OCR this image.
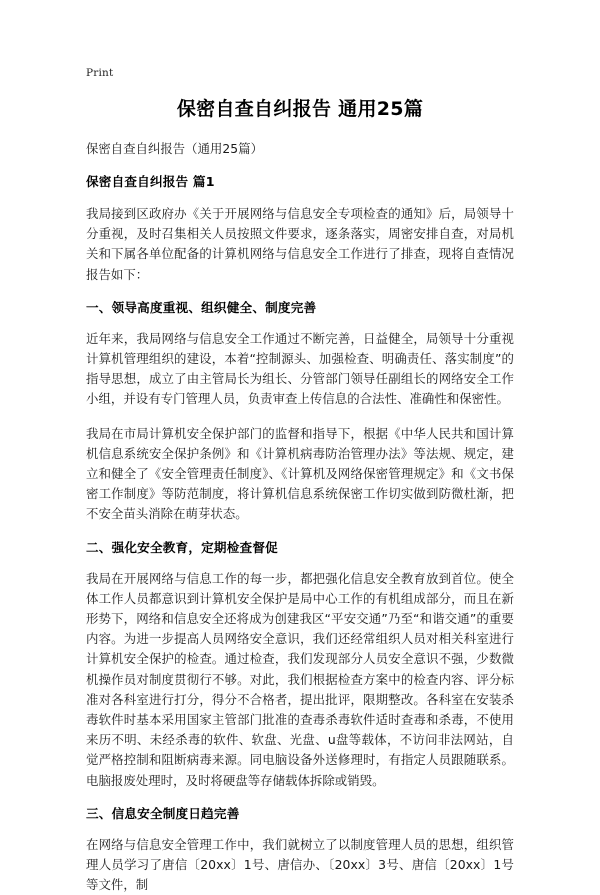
Print
保密自查自纠报告 通用25篇

保密自查自纠报告（通用25篇）

保密自查自纠报告 篇1

我局接到区政府办《关于开展网络与信息安全专项检查的通知》后，局领导十分重视，及时召集相关人员按照文件要求，逐条落实，周密安排自查，对局机关和下属各单位配备的计算机网络与信息安全工作进行了排查，现将自查情况报告如下：

一、领导高度重视、组织健全、制度完善

近年来，我局网络与信息安全工作通过不断完善，日益健全，局领导十分重视计算机管理组织的建设，本着“控制源头、加强检查、明确责任、落实制度”的指导思想，成立了由主管局长为组长、分管部门领导任副组长的网络安全工作小组，并设有专门管理人员，负责审查上传信息的合法性、准确性和保密性。

我局在市局计算机安全保护部门的监督和指导下，根据《中华人民共和国计算机信息系统安全保护条例》和《计算机病毒防治管理办法》等法规、规定，建立和健全了《安全管理责任制度》、《计算机及网络保密管理规定》和《文书保密工作制度》等防范制度，将计算机信息系统保密工作切实做到防微杜渐，把不安全苗头消除在萌芽状态。

二、强化安全教育，定期检查督促

我局在开展网络与信息工作的每一步，都把强化信息安全教育放到首位。使全体工作人员都意识到计算机安全保护是局中心工作的有机组成部分，而且在新形势下，网络和信息安全还将成为创建我区“平安交通”乃至“和谐交通”的重要内容。为进一步提高人员网络安全意识，我们还经常组织人员对相关科室进行计算机安全保护的检查。通过检查，我们发现部分人员安全意识不强，少数微机操作员对制度贯彻行不够。对此，我们根据检查方案中的检查内容、评分标准对各科室进行打分，得分不合格者，提出批评，限期整改。各科室在安装杀毒软件时基本采用国家主管部门批准的查毒杀毒软件适时查毒和杀毒，不使用来历不明、未经杀毒的软件、软盘、光盘、u盘等载体，不访问非法网站，自觉严格控制和阻断病毒来源。同电脑设备外送修理时，有指定人员跟随联系。电脑报废处理时，及时将硬盘等存储载体拆除或销毁。

三、信息安全制度日趋完善

在网络与信息安全管理工作中，我们就树立了以制度管理人员的思想，组织管理人员学习了唐信〔20xx〕1号、唐信办、〔20xx〕3号、唐信〔20xx〕1号等文件，制
